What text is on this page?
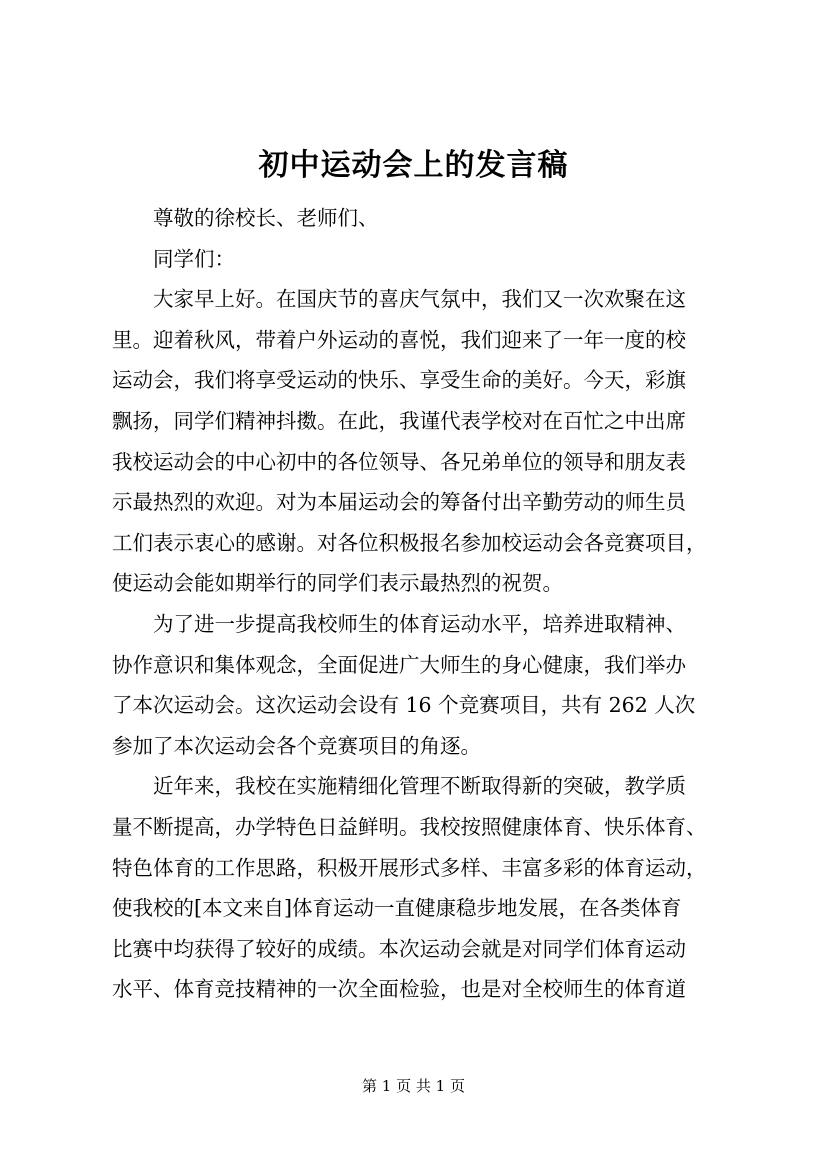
初中运动会上的发言稿

尊敬的徐校长、老师们、

同学们：

大家早上好。在国庆节的喜庆气氛中，我们又一次欢聚在这

里。迎着秋风，带着户外运动的喜悦，我们迎来了一年一度的校

运动会，我们将享受运动的快乐、享受生命的美好。今天，彩旗

飘扬，同学们精神抖擞。在此，我谨代表学校对在百忙之中出席

我校运动会的中心初中的各位领导、各兄弟单位的领导和朋友表

示最热烈的欢迎。对为本届运动会的筹备付出辛勤劳动的师生员

工们表示衷心的感谢。对各位积极报名参加校运动会各竞赛项目，

使运动会能如期举行的同学们表示最热烈的祝贺。

为了进一步提高我校师生的体育运动水平，培养进取精神、

协作意识和集体观念，全面促进广大师生的身心健康，我们举办

了本次运动会。这次运动会设有 16 个竞赛项目，共有 262 人次

参加了本次运动会各个竞赛项目的角逐。

近年来，我校在实施精细化管理不断取得新的突破，教学质

量不断提高，办学特色日益鲜明。我校按照健康体育、快乐体育、

特色体育的工作思路，积极开展形式多样、丰富多彩的体育运动，

使我校的[本文来自]体育运动一直健康稳步地发展，在各类体育

比赛中均获得了较好的成绩。本次运动会就是对同学们体育运动

水平、体育竞技精神的一次全面检验，也是对全校师生的体育道

第 1 页 共 1 页
